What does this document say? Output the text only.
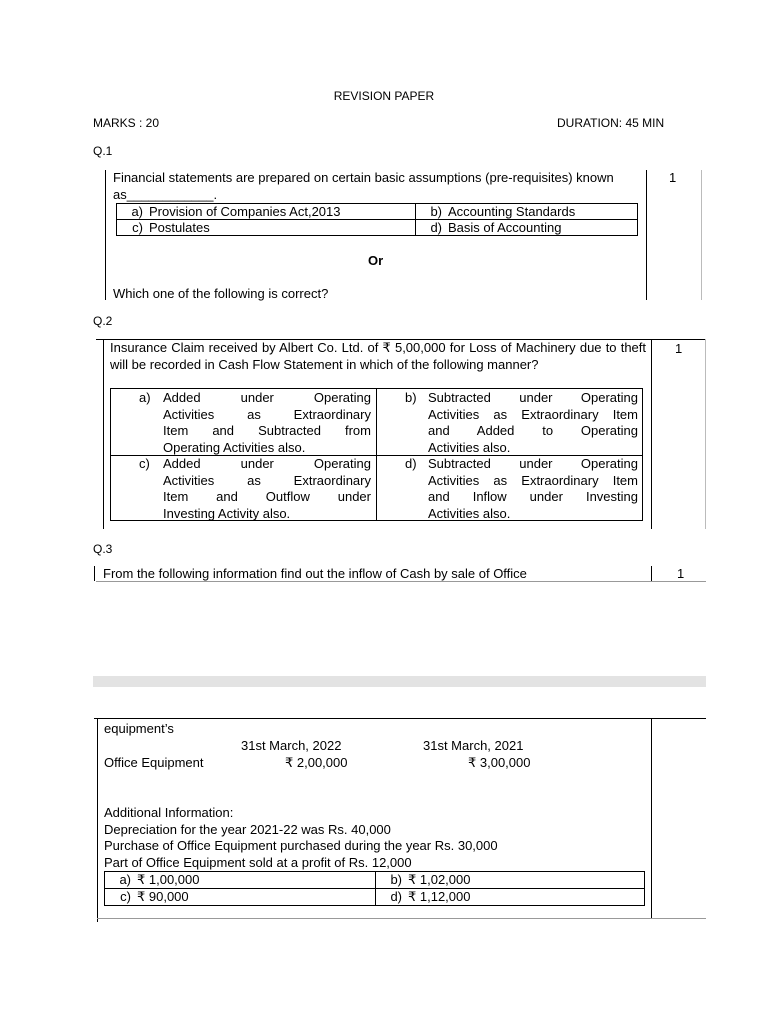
REVISION PAPER
MARKS : 20	DURATION: 45 MIN
Q.1
Financial statements are prepared on certain basic assumptions (pre-requisites) known as____________.
1
a) Provision of Companies Act,2013	b) Accounting Standards
c) Postulates	d) Basis of Accounting
Or
Which one of the following is correct?
Q.2
Insurance Claim received by Albert Co. Ltd. of ₹ 5,00,000 for Loss of Machinery due to theft will be recorded in Cash Flow Statement in which of the following manner?
1
a) Added under Operating
Activities as Extraordinary
Item and Subtracted from
Operating Activities also.
b) Subtracted under Operating
Activities as Extraordinary Item
and Added to Operating
Activities also.
c) Added under Operating
Activities as Extraordinary
Item and Outflow under
Investing Activity also.
d) Subtracted under Operating
Activities as Extraordinary Item
and Inflow under Investing
Activities also.
Q.3
From the following information find out the inflow of Cash by sale of Office	1
equipment’s
31st March, 2022	31st March, 2021
Office Equipment	₹ 2,00,000	₹ 3,00,000
Additional Information:
Depreciation for the year 2021-22 was Rs. 40,000
Purchase of Office Equipment purchased during the year Rs. 30,000
Part of Office Equipment sold at a profit of Rs. 12,000
a) ₹ 1,00,000	b) ₹ 1,02,000
c) ₹ 90,000	d) ₹ 1,12,000
